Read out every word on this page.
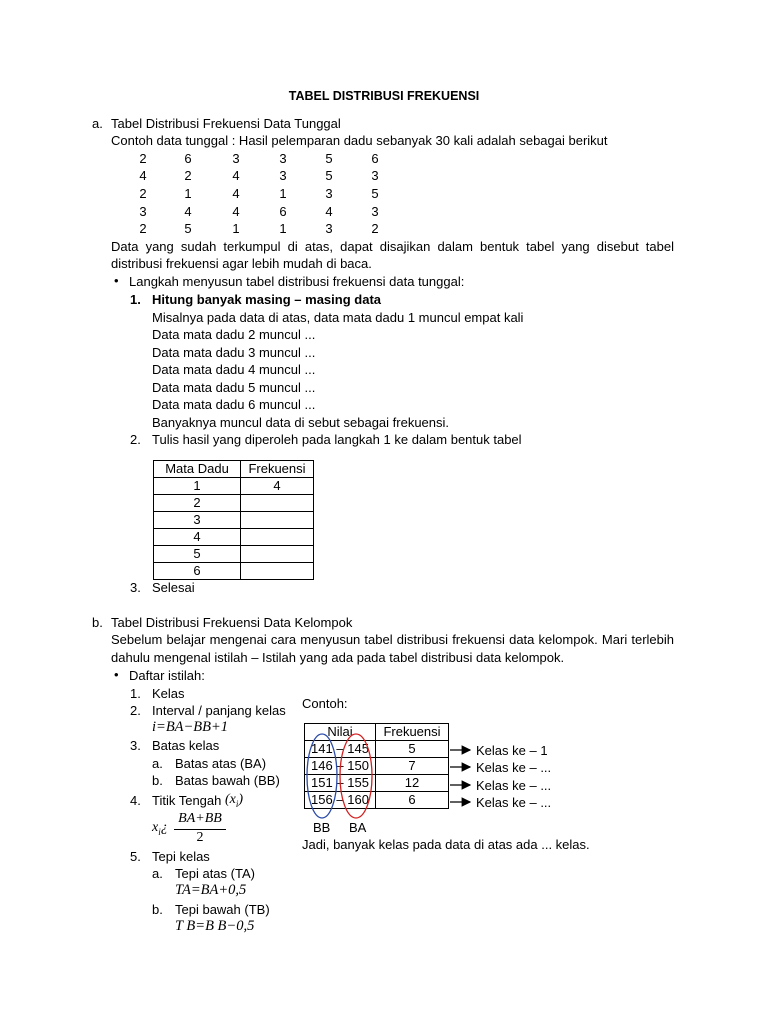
TABEL DISTRIBUSI FREKUENSI
a. Tabel Distribusi Frekuensi Data Tunggal
Contoh data tunggal : Hasil pelemparan dadu sebanyak 30 kali adalah sebagai berikut
2	6	3	3	5	6
4	2	4	3	5	3
2	1	4	1	3	5
3	4	4	6	4	3
2	5	1	1	3	2
Data yang sudah terkumpul di atas, dapat disajikan dalam bentuk tabel yang disebut tabel
distribusi frekuensi agar lebih mudah di baca.
• Langkah menyusun tabel distribusi frekuensi data tunggal:
1. Hitung banyak masing – masing data
Misalnya pada data di atas, data mata dadu 1 muncul empat kali
Data mata dadu 2 muncul ...
Data mata dadu 3 muncul ...
Data mata dadu 4 muncul ...
Data mata dadu 5 muncul ...
Data mata dadu 6 muncul ...
Banyaknya muncul data di sebut sebagai frekuensi.
2. Tulis hasil yang diperoleh pada langkah 1 ke dalam bentuk tabel
Mata Dadu	Frekuensi
1	4
2	
3	
4	
5	
6	
3. Selesai
b. Tabel Distribusi Frekuensi Data Kelompok
Sebelum belajar mengenai cara menyusun tabel distribusi frekuensi data kelompok. Mari terlebih
dahulu mengenal istilah – Istilah yang ada pada tabel distribusi data kelompok.
• Daftar istilah:
1. Kelas
2. Interval / panjang kelas
i=BA−BB+1
3. Batas kelas
a. Batas atas (BA)
b. Batas bawah (BB)
4. Titik Tengah $(x_i)$
$x_i¿$
BA+BB
2
5. Tepi kelas
a. Tepi atas (TA)
TA=BA+0,5
b. Tepi bawah (TB)
T B=B B−0,5
Contoh:
Nilai	Frekuensi
141 – 145	5
146 – 150	7
151 – 155	12
156 – 160	6
Kelas ke – 1
Kelas ke – ...
Kelas ke – ...
Kelas ke – ...
BB BA
Jadi, banyak kelas pada data di atas ada ... kelas.
